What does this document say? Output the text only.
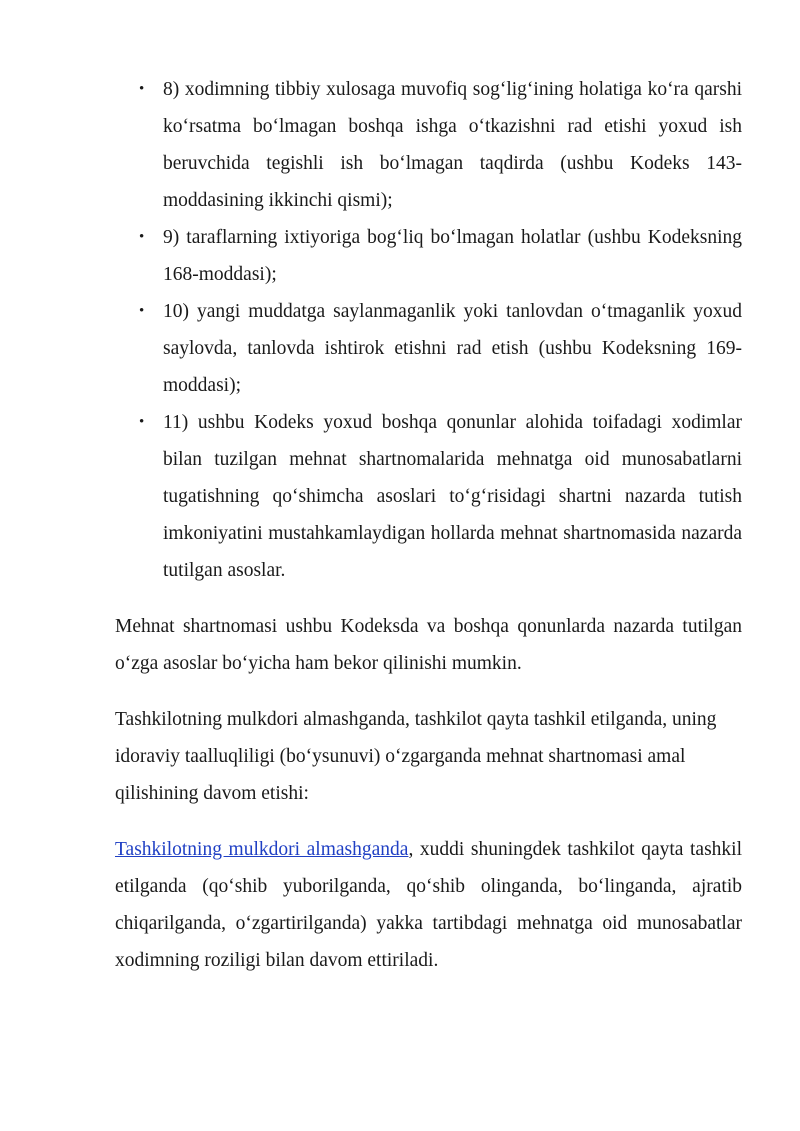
• 8) xodimning tibbiy xulosaga muvofiq sog‘lig‘ining holatiga ko‘ra qarshi ko‘rsatma bo‘lmagan boshqa ishga o‘tkazishni rad etishi yoxud ish beruvchida tegishli ish bo‘lmagan taqdirda (ushbu Kodeks 143-moddasining ikkinchi qismi);
• 9) taraflarning ixtiyoriga bog‘liq bo‘lmagan holatlar (ushbu Kodeksning 168-moddasi);
• 10) yangi muddatga saylanmaganlik yoki tanlovdan o‘tmaganlik yoxud saylovda, tanlovda ishtirok etishni rad etish (ushbu Kodeksning 169-moddasi);
• 11) ushbu Kodeks yoxud boshqa qonunlar alohida toifadagi xodimlar bilan tuzilgan mehnat shartnomalarida mehnatga oid munosabatlarni tugatishning qo‘shimcha asoslari to‘g‘risidagi shartni nazarda tutish imkoniyatini mustahkamlaydigan hollarda mehnat shartnomasida nazarda tutilgan asoslar.

Mehnat shartnomasi ushbu Kodeksda va boshqa qonunlarda nazarda tutilgan o‘zga asoslar bo‘yicha ham bekor qilinishi mumkin.

Tashkilotning mulkdori almashganda, tashkilot qayta tashkil etilganda, uning idoraviy taalluqliligi (bo‘ysunuvi) o‘zgarganda mehnat shartnomasi amal qilishining davom etishi:

Tashkilotning mulkdori almashganda, xuddi shuningdek tashkilot qayta tashkil etilganda (qo‘shib yuborilganda, qo‘shib olinganda, bo‘linganda, ajratib chiqarilganda, o‘zgartirilganda) yakka tartibdagi mehnatga oid munosabatlar xodimning roziligi bilan davom ettiriladi.
